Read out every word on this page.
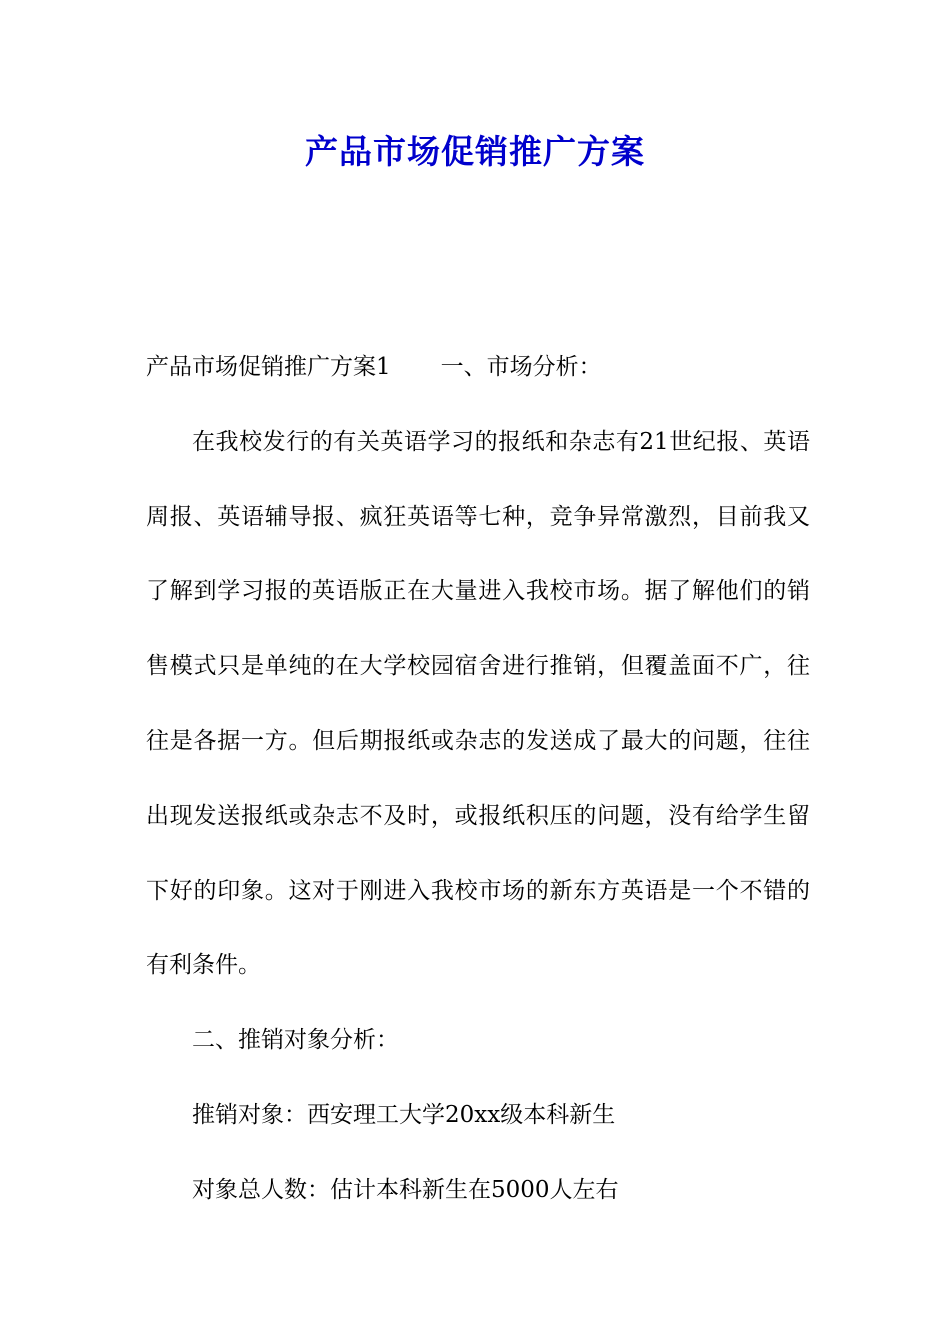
产品市场促销推广方案

产品市场促销推广方案1 一、市场分析：

在我校发行的有关英语学习的报纸和杂志有21世纪报、英语周报、英语辅导报、疯狂英语等七种，竞争异常激烈，目前我又了解到学习报的英语版正在大量进入我校市场。据了解他们的销售模式只是单纯的在大学校园宿舍进行推销，但覆盖面不广，往往是各据一方。但后期报纸或杂志的发送成了最大的问题，往往出现发送报纸或杂志不及时，或报纸积压的问题，没有给学生留下好的印象。这对于刚进入我校市场的新东方英语是一个不错的有利条件。

二、推销对象分析：

推销对象：西安理工大学20xx级本科新生

对象总人数：估计本科新生在5000人左右
